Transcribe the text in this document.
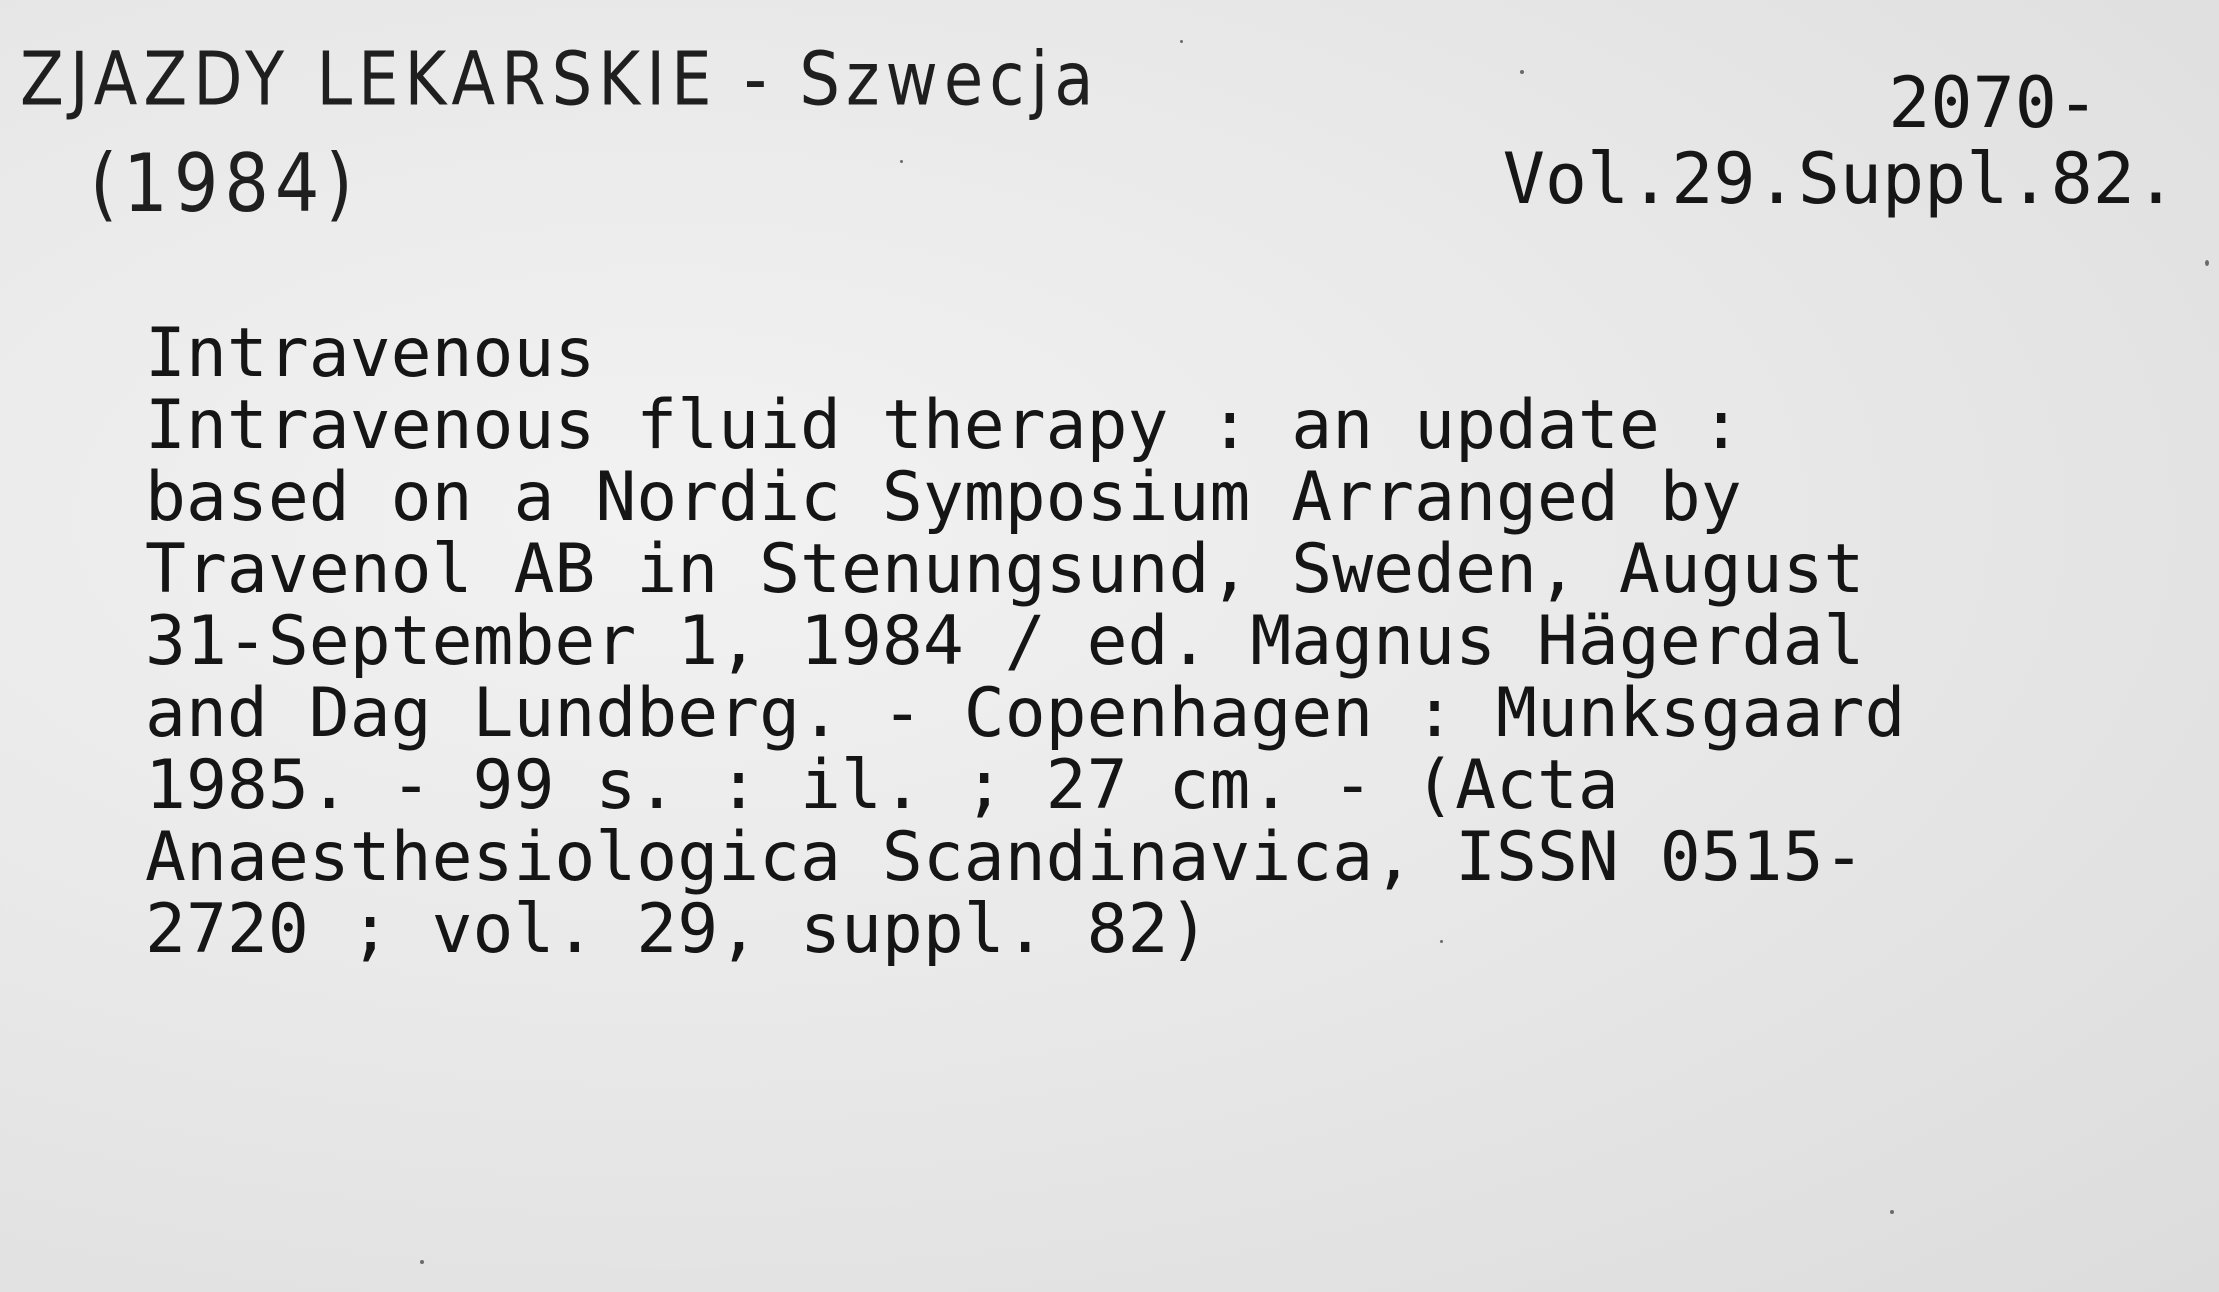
ZJAZDY LEKARSKIE - Szwecja
(1984)
2070-
Vol.29.Suppl.82.
Intravenous
Intravenous fluid therapy : an update :
based on a Nordic Symposium Arranged by
Travenol AB in Stenungsund, Sweden, August
31-September 1, 1984 / ed. Magnus Hägerdal
and Dag Lundberg. - Copenhagen : Munksgaard
1985. - 99 s. : il. ; 27 cm. - (Acta
Anaesthesiologica Scandinavica, ISSN 0515-
2720 ; vol. 29, suppl. 82)
